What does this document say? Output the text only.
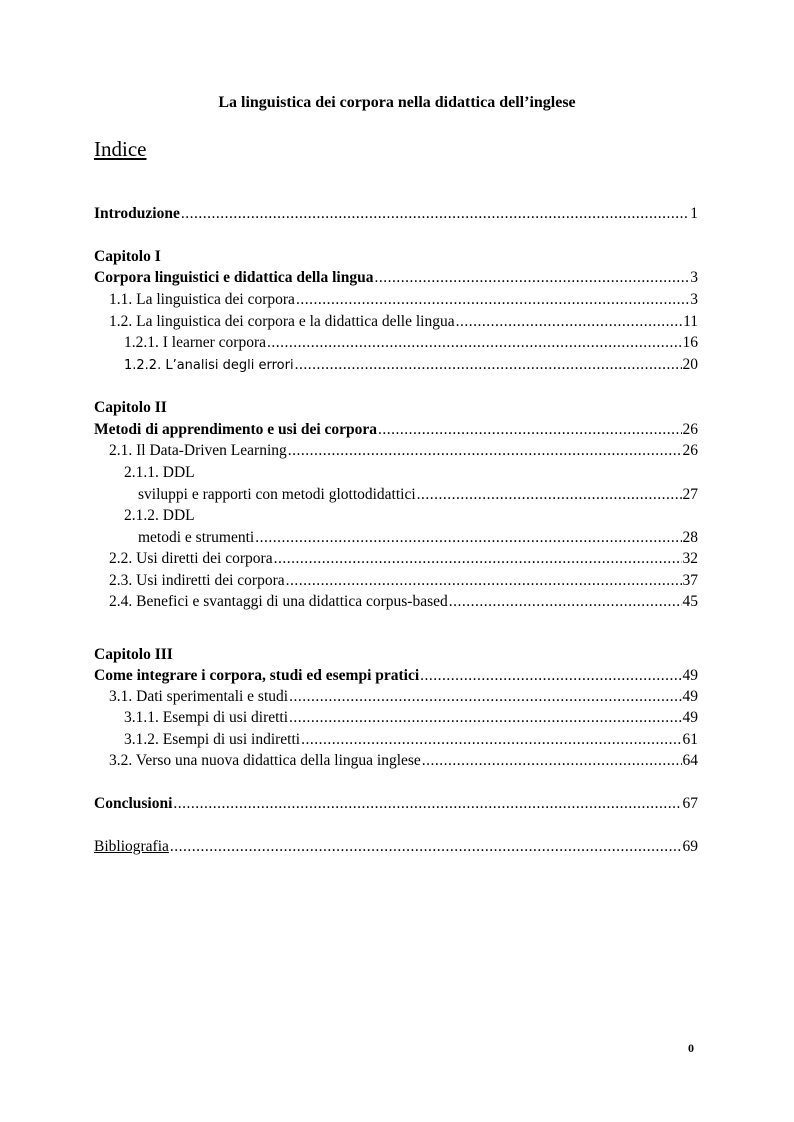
La linguistica dei corpora nella didattica dell’inglese
Indice
Introduzione .....	1
Capitolo I
Corpora linguistici e didattica della lingua .....	3
1.1. La linguistica dei corpora .....	3
1.2. La linguistica dei corpora e la didattica delle lingua .....	11
1.2.1. I learner corpora .....	16
1.2.2. L’analisi degli errori .....	20
Capitolo II
Metodi di apprendimento e usi dei corpora .....	26
2.1. Il Data-Driven Learning .....	26
2.1.1. DDL
sviluppi e rapporti con metodi glottodidattici .....	27
2.1.2. DDL
metodi e strumenti .....	28
2.2. Usi diretti dei corpora .....	32
2.3. Usi indiretti dei corpora .....	37
2.4. Benefici e svantaggi di una didattica corpus-based .....	45
Capitolo III
Come integrare i corpora, studi ed esempi pratici .....	49
3.1. Dati sperimentali e studi .....	49
3.1.1. Esempi di usi diretti .....	49
3.1.2. Esempi di usi indiretti .....	61
3.2. Verso una nuova didattica della lingua inglese .....	64
Conclusioni .....	67
Bibliografia .....	69
0
